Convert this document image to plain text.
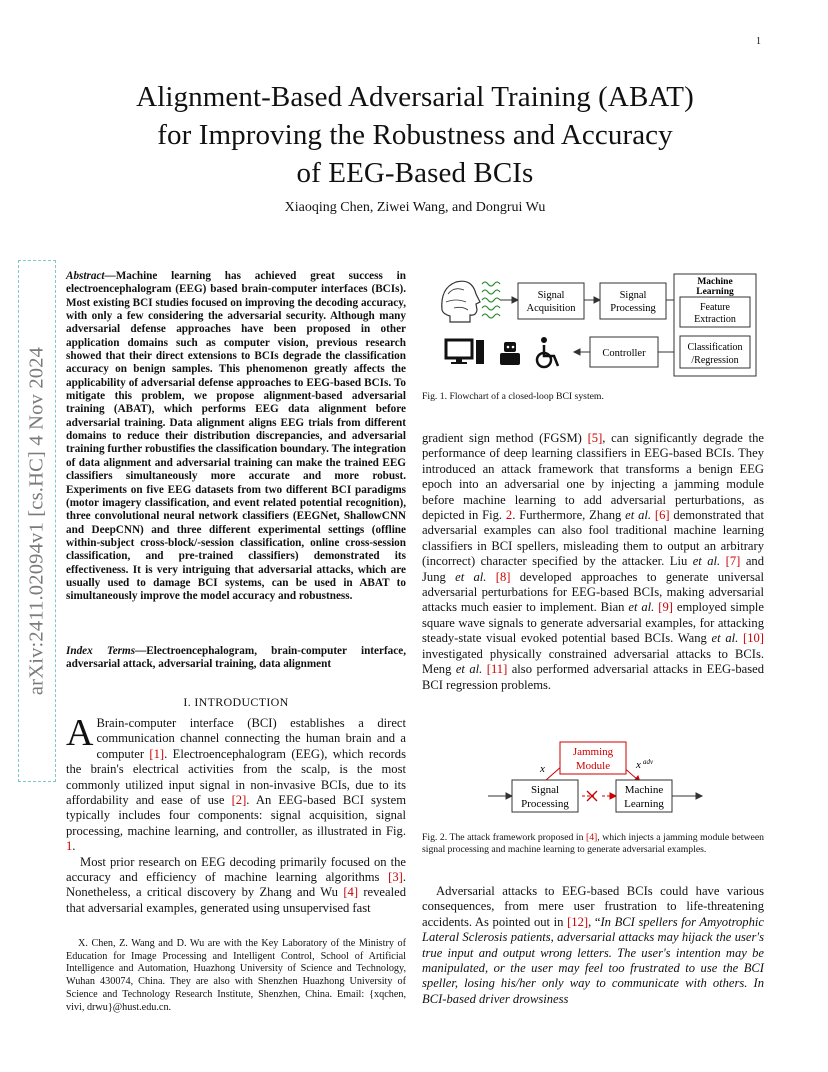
1
Alignment-Based Adversarial Training (ABAT)
for Improving the Robustness and Accuracy
of EEG-Based BCIs
Xiaoqing Chen, Ziwei Wang, and Dongrui Wu
arXiv:2411.02094v1 [cs.HC] 4 Nov 2024
Abstract—Machine learning has achieved great success in electroencephalogram (EEG) based brain-computer interfaces (BCIs). Most existing BCI studies focused on improving the decoding accuracy, with only a few considering the adversarial security. Although many adversarial defense approaches have been proposed in other application domains such as computer vision, previous research showed that their direct extensions to BCIs degrade the classification accuracy on benign samples. This phenomenon greatly affects the applicability of adversarial defense approaches to EEG-based BCIs. To mitigate this problem, we propose alignment-based adversarial training (ABAT), which performs EEG data alignment before adversarial training. Data alignment aligns EEG trials from different domains to reduce their distribution discrepancies, and adversarial training further robustifies the classification boundary. The integration of data alignment and adversarial training can make the trained EEG classifiers simultaneously more accurate and more robust. Experiments on five EEG datasets from two different BCI paradigms (motor imagery classification, and event related potential recognition), three convolutional neural network classifiers (EEGNet, ShallowCNN and DeepCNN) and three different experimental settings (offline within-subject cross-block/-session classification, online cross-session classification, and pre-trained classifiers) demonstrated its effectiveness. It is very intriguing that adversarial attacks, which are usually used to damage BCI systems, can be used in ABAT to simultaneously improve the model accuracy and robustness.
Index Terms—Electroencephalogram, brain-computer interface, adversarial attack, adversarial training, data alignment
I. INTRODUCTION

A Brain-computer interface (BCI) establishes a direct communication channel connecting the human brain and a computer [1]. Electroencephalogram (EEG), which records the brain's electrical activities from the scalp, is the most commonly utilized input signal in non-invasive BCIs, due to its affordability and ease of use [2]. An EEG-based BCI system typically includes four components: signal acquisition, signal processing, machine learning, and controller, as illustrated in Fig. 1.

Most prior research on EEG decoding primarily focused on the accuracy and efficiency of machine learning algorithms [3]. Nonetheless, a critical discovery by Zhang and Wu [4] revealed that adversarial examples, generated using unsupervised fast

X. Chen, Z. Wang and D. Wu are with the Key Laboratory of the Ministry of Education for Image Processing and Intelligent Control, School of Artificial Intelligence and Automation, Huazhong University of Science and Technology, Wuhan 430074, China. They are also with Shenzhen Huazhong University of Science and Technology Research Institute, Shenzhen, China. Email: {xqchen, vivi, drwu}@hust.edu.cn.

Signal
Acquisition
Signal
Processing
Machine
Learning
Feature
Extraction
Classification
/Regression
Controller
Fig. 1. Flowchart of a closed-loop BCI system.

gradient sign method (FGSM) [5], can significantly degrade the performance of deep learning classifiers in EEG-based BCIs. They introduced an attack framework that transforms a benign EEG epoch into an adversarial one by injecting a jamming module before machine learning to add adversarial perturbations, as depicted in Fig. 2. Furthermore, Zhang et al. [6] demonstrated that adversarial examples can also fool traditional machine learning classifiers in BCI spellers, misleading them to output an arbitrary (incorrect) character specified by the attacker. Liu et al. [7] and Jung et al. [8] developed approaches to generate universal adversarial perturbations for EEG-based BCIs, making adversarial attacks much easier to implement. Bian et al. [9] employed simple square wave signals to generate adversarial examples, for attacking steady-state visual evoked potential based BCIs. Wang et al. [10] investigated physically constrained adversarial attacks to BCIs. Meng et al. [11] also performed adversarial attacks in EEG-based BCI regression problems.

Jamming
Module
x	x adv
Signal
Processing
Machine
Learning
Fig. 2. The attack framework proposed in [4], which injects a jamming module between signal processing and machine learning to generate adversarial examples.

Adversarial attacks to EEG-based BCIs could have various consequences, from mere user frustration to life-threatening accidents. As pointed out in [12], “In BCI spellers for Amyotrophic Lateral Sclerosis patients, adversarial attacks may hijack the user's true input and output wrong letters. The user's intention may be manipulated, or the user may feel too frustrated to use the BCI speller, losing his/her only way to communicate with others. In BCI-based driver drowsiness
